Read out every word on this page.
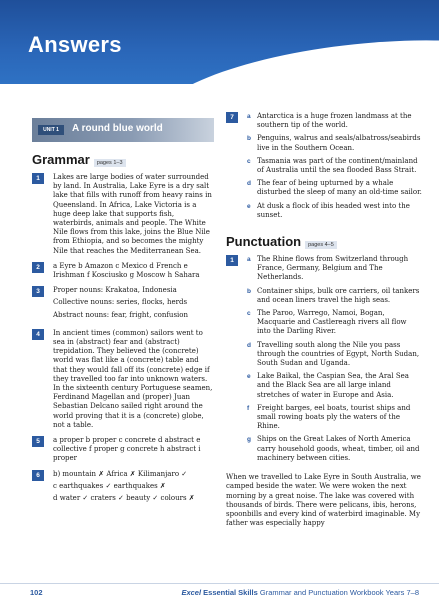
Answers
UNIT 1	A round blue world
Grammar	pages 1–3
1	Lakes are large bodies of water surrounded by land. In Australia, Lake Eyre is a dry salt lake that fills with runoff from heavy rains in Queensland. In Africa, Lake Victoria is a huge deep lake that supports fish, waterbirds, animals and people. The White Nile flows from this lake, joins the Blue Nile from Ethiopia, and so becomes the mighty Nile that reaches the Mediterranean Sea.
2	a Eyre b Amazon c Mexico d French e Irishman f Kosciusko g Moscow h Sahara
3	Proper nouns: Krakatoa, Indonesia

Collective nouns: series, flocks, herds

Abstract nouns: fear, fright, confusion

4	In ancient times (common) sailors went to sea in (abstract) fear and (abstract) trepidation. They believed the (concrete) world was flat like a (concrete) table and that they would fall off its (concrete) edge if they travelled too far into unknown waters. In the sixteenth century Portuguese seamen, Ferdinand Magellan and (proper) Juan Sebastian Delcano sailed right around the world proving that it is a (concrete) globe, not a table.
5	a proper b proper c concrete d abstract e collective f proper g concrete h abstract i proper
6	b) mountain ✗ Africa ✗ Kilimanjaro ✓

c earthquakes ✓ earthquakes ✗

d water ✓ craters ✓ beauty ✓ colours ✗

7	a Antarctica is a huge frozen landmass at the southern tip of the world.
b Penguins, walrus and seals/albatross/seabirds live in the Southern Ocean.
c Tasmania was part of the continent/mainland of Australia until the sea flooded Bass Strait.
d The fear of being upturned by a whale disturbed the sleep of many an old-time sailor.
e At dusk a flock of ibis headed west into the sunset.
Punctuation	pages 4–5
1	a The Rhine flows from Switzerland through France, Germany, Belgium and The Netherlands.
b Container ships, bulk ore carriers, oil tankers and ocean liners travel the high seas.
c The Paroo, Warrego, Namoi, Bogan, Macquarie and Castlereagh rivers all flow into the Darling River.
d Travelling south along the Nile you pass through the countries of Egypt, North Sudan, South Sudan and Uganda.
e Lake Baikal, the Caspian Sea, the Aral Sea and the Black Sea are all large inland stretches of water in Europe and Asia.
f	Freight barges, eel boats, tourist ships and small rowing boats ply the waters of the Rhine.
g Ships on the Great Lakes of North America carry household goods, wheat, timber, oil and machinery between cities.
When we travelled to Lake Eyre in South Australia, we camped beside the water. We were woken the next morning by a great noise. The lake was covered with thousands of birds. There were pelicans, ibis, herons, spoonbills and every kind of waterbird imaginable. My father was especially happy
102	Excel Essential Skills Grammar and Punctuation Workbook Years 7–8
